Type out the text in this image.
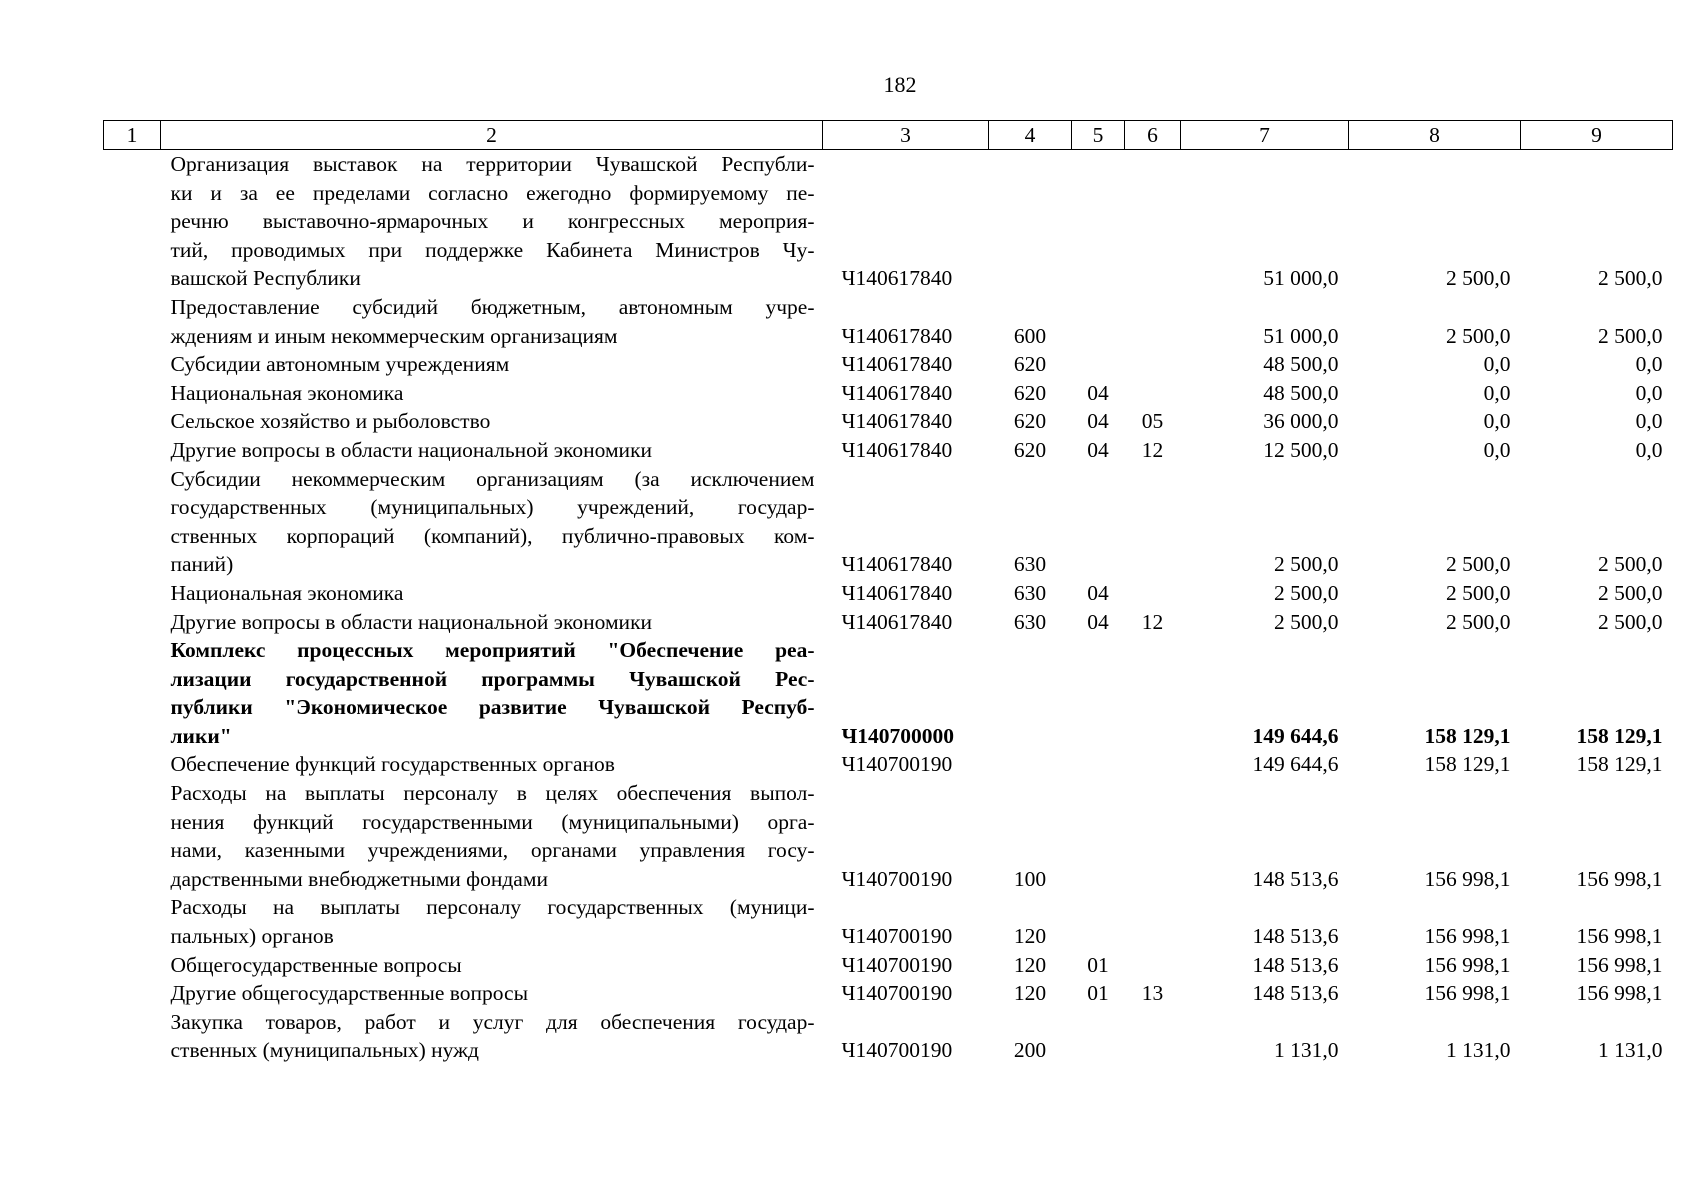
182
1	2	3	4	5	6	7	8	9

	Организация выставок на территории Чувашской Республи-
ки и за ее пределами согласно ежегодно формируемому пе-
речню выставочно-ярмарочных и конгрессных мероприя-
тий, проводимых при поддержке Кабинета Министров Чу-
вашской Республики	Ч140617840				51 000,0	2 500,0	2 500,0

	Предоставление субсидий бюджетным, автономным учре-
ждениям и иным некоммерческим организациям	Ч140617840	600			51 000,0	2 500,0	2 500,0

	Субсидии автономным учреждениям	Ч140617840	620			48 500,0	0,0	0,0

	Национальная экономика	Ч140617840	620	04		48 500,0	0,0	0,0

	Сельское хозяйство и рыболовство	Ч140617840	620	04	05	36 000,0	0,0	0,0

	Другие вопросы в области национальной экономики	Ч140617840	620	04	12	12 500,0	0,0	0,0

	Субсидии некоммерческим организациям (за исключением
государственных (муниципальных) учреждений, государ-
ственных корпораций (компаний), публично-правовых ком-
паний)	Ч140617840	630			2 500,0	2 500,0	2 500,0

	Национальная экономика	Ч140617840	630	04		2 500,0	2 500,0	2 500,0

	Другие вопросы в области национальной экономики	Ч140617840	630	04	12	2 500,0	2 500,0	2 500,0

	Комплекс процессных мероприятий "Обеспечение реа-
лизации государственной программы Чувашской Рес-
публики "Экономическое развитие Чувашской Респуб-
лики"	Ч140700000				149 644,6	158 129,1	158 129,1

	Обеспечение функций государственных органов	Ч140700190				149 644,6	158 129,1	158 129,1

	Расходы на выплаты персоналу в целях обеспечения выпол-
нения функций государственными (муниципальными) орга-
нами, казенными учреждениями, органами управления госу-
дарственными внебюджетными фондами	Ч140700190	100			148 513,6	156 998,1	156 998,1

	Расходы на выплаты персоналу государственных (муници-
пальных) органов	Ч140700190	120			148 513,6	156 998,1	156 998,1

	Общегосударственные вопросы	Ч140700190	120	01		148 513,6	156 998,1	156 998,1

	Другие общегосударственные вопросы	Ч140700190	120	01	13	148 513,6	156 998,1	156 998,1

	Закупка товаров, работ и услуг для обеспечения государ-
ственных (муниципальных) нужд	Ч140700190	200			1 131,0	1 131,0	1 131,0
